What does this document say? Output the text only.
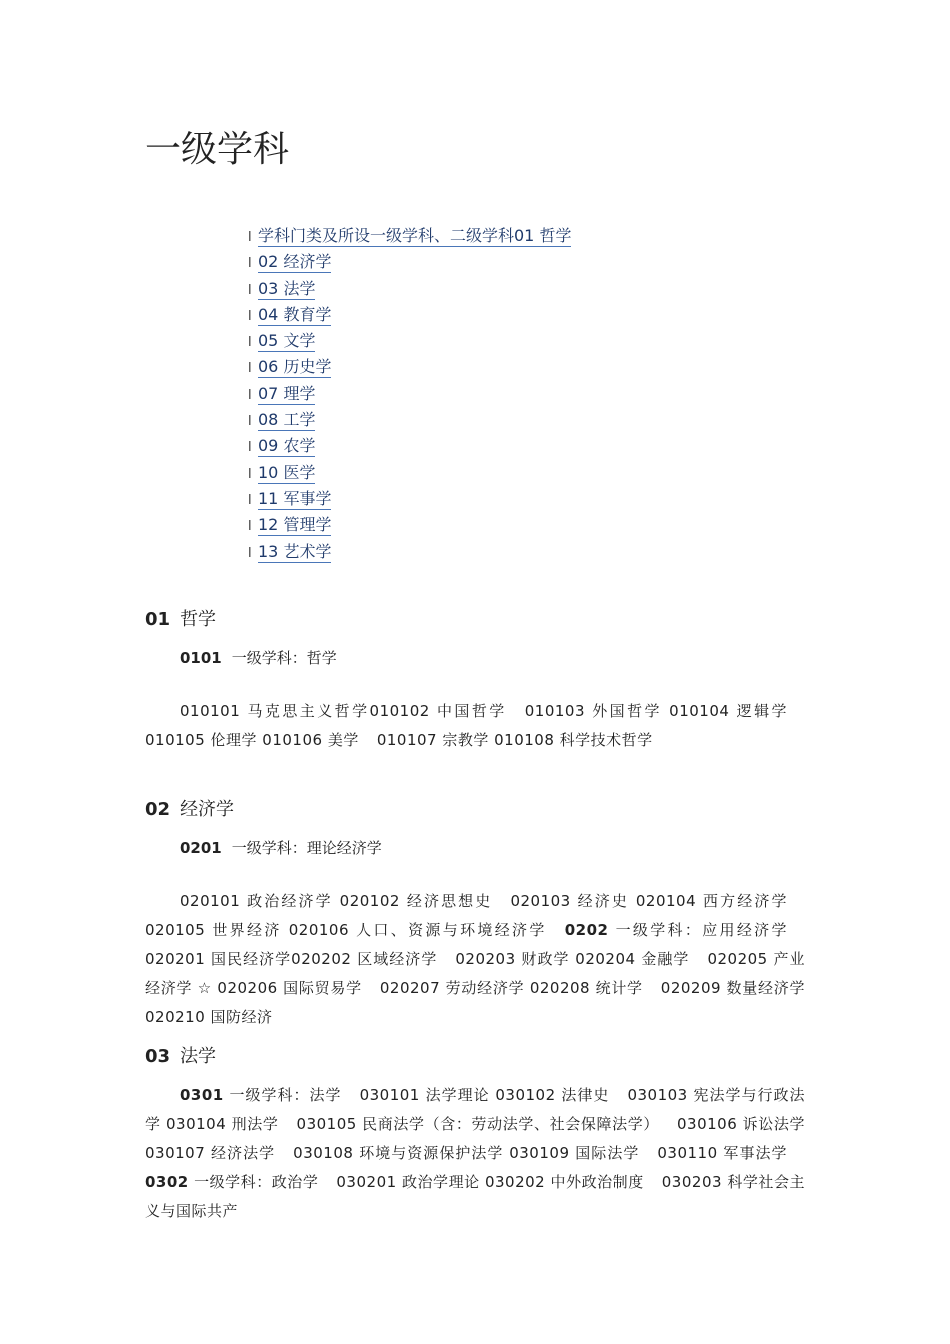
一级学科
l 学科门类及所设一级学科、二级学科01 哲学
l 02 经济学
l 03 法学
l 04 教育学
l 05 文学
l 06 历史学
l 07 理学
l 08 工学
l 09 农学
l 10 医学
l 11 军事学
l 12 管理学
l 13 艺术学
01 哲学
0101 一级学科：哲学

010101 马克思主义哲学010102 中国哲学 010103 外国哲学 010104 逻辑学010105 伦理学 010106 美学 010107 宗教学 010108 科学技术哲学

02 经济学
0201 一级学科：理论经济学

020101 政治经济学 020102 经济思想史 020103 经济史 020104 西方经济学020105 世界经济 020106 人口、资源与环境经济学 0202 一级学科：应用经济学020201 国民经济学020202 区域经济学 020203 财政学 020204 金融学 020205 产业经济学 ☆ 020206 国际贸易学 020207 劳动经济学 020208 统计学 020209 数量经济学 020210 国防经济

03 法学

0301 一级学科：法学 030101 法学理论 030102 法律史 030103 宪法学与行政法学 030104 刑法学 030105 民商法学（含：劳动法学、社会保障法学） 030106 诉讼法学 030107 经济法学 030108 环境与资源保护法学 030109 国际法学 030110 军事法学0302 一级学科：政治学 030201 政治学理论 030202 中外政治制度 030203 科学社会主义与国际共产
